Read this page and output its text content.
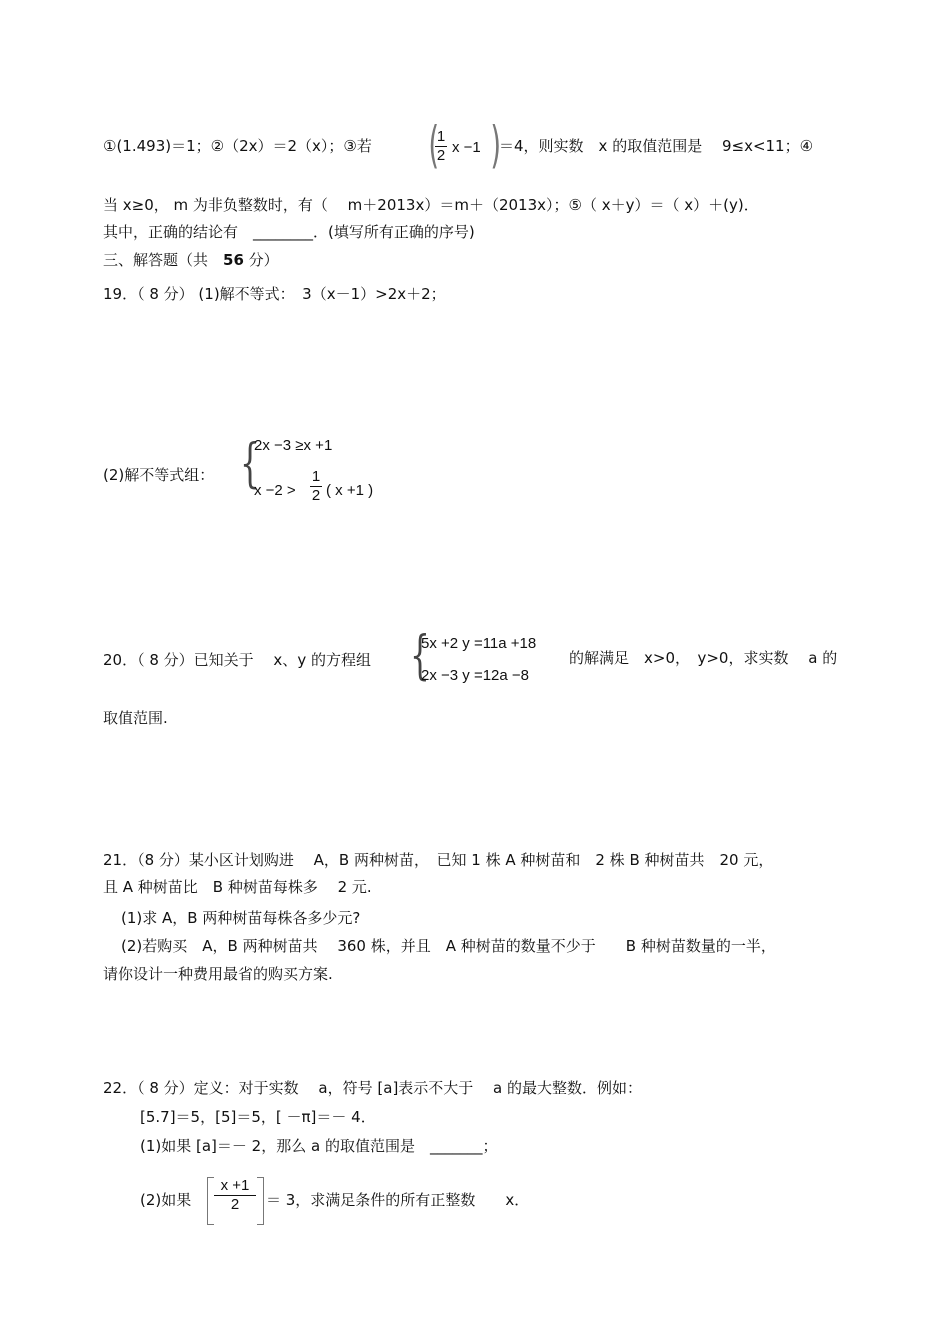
①(1.493)＝1；②（2x）＝2（x）；③若 (
1
2 x −1 )
＝4，则实数　x 的取值范围是　 9≤x<11；④
当 x≥0， m 为非负整数时，有（　 m＋2013x）＝m＋（2013x）；⑤（ x＋y）＝（ x）＋(y)．
其中，正确的结论有　________．(填写所有正确的序号)
三、解答题（共　56 分）
19．（ 8 分） (1)解不等式：　3（x－1）>2x＋2；
(2)解不等式组： {
2x −3 ≥x +1
x −2 >
1
2 ( x +1 )
20．（ 8 分）已知关于　 x、y 的方程组 {
5x +2 y =11a +18
2x −3 y =12a −8
的解满足　x>0，　y>0，求实数　 a 的
取值范围.
21．（8 分）某小区计划购进　 A，B 两种树苗，　已知 1 株 A 种树苗和　2 株 B 种树苗共　20 元，
且 A 种树苗比　B 种树苗每株多　 2 元.
(1)求 A，B 两种树苗每株各多少元?
(2)若购买　A，B 两种树苗共　 360 株，并且　A 种树苗的数量不少于　　B 种树苗数量的一半，
请你设计一种费用最省的购买方案.
22．（ 8 分）定义：对于实数　 a，符号 [a]表示不大于　 a 的最大整数．例如：
[5.7]＝5，[5]＝5，[ －π]＝－ 4．
(1)如果 [a]＝－ 2，那么 a 的取值范围是　_______；
(2)如果
x +1
2 ＝ 3，求满足条件的所有正整数　　x．
